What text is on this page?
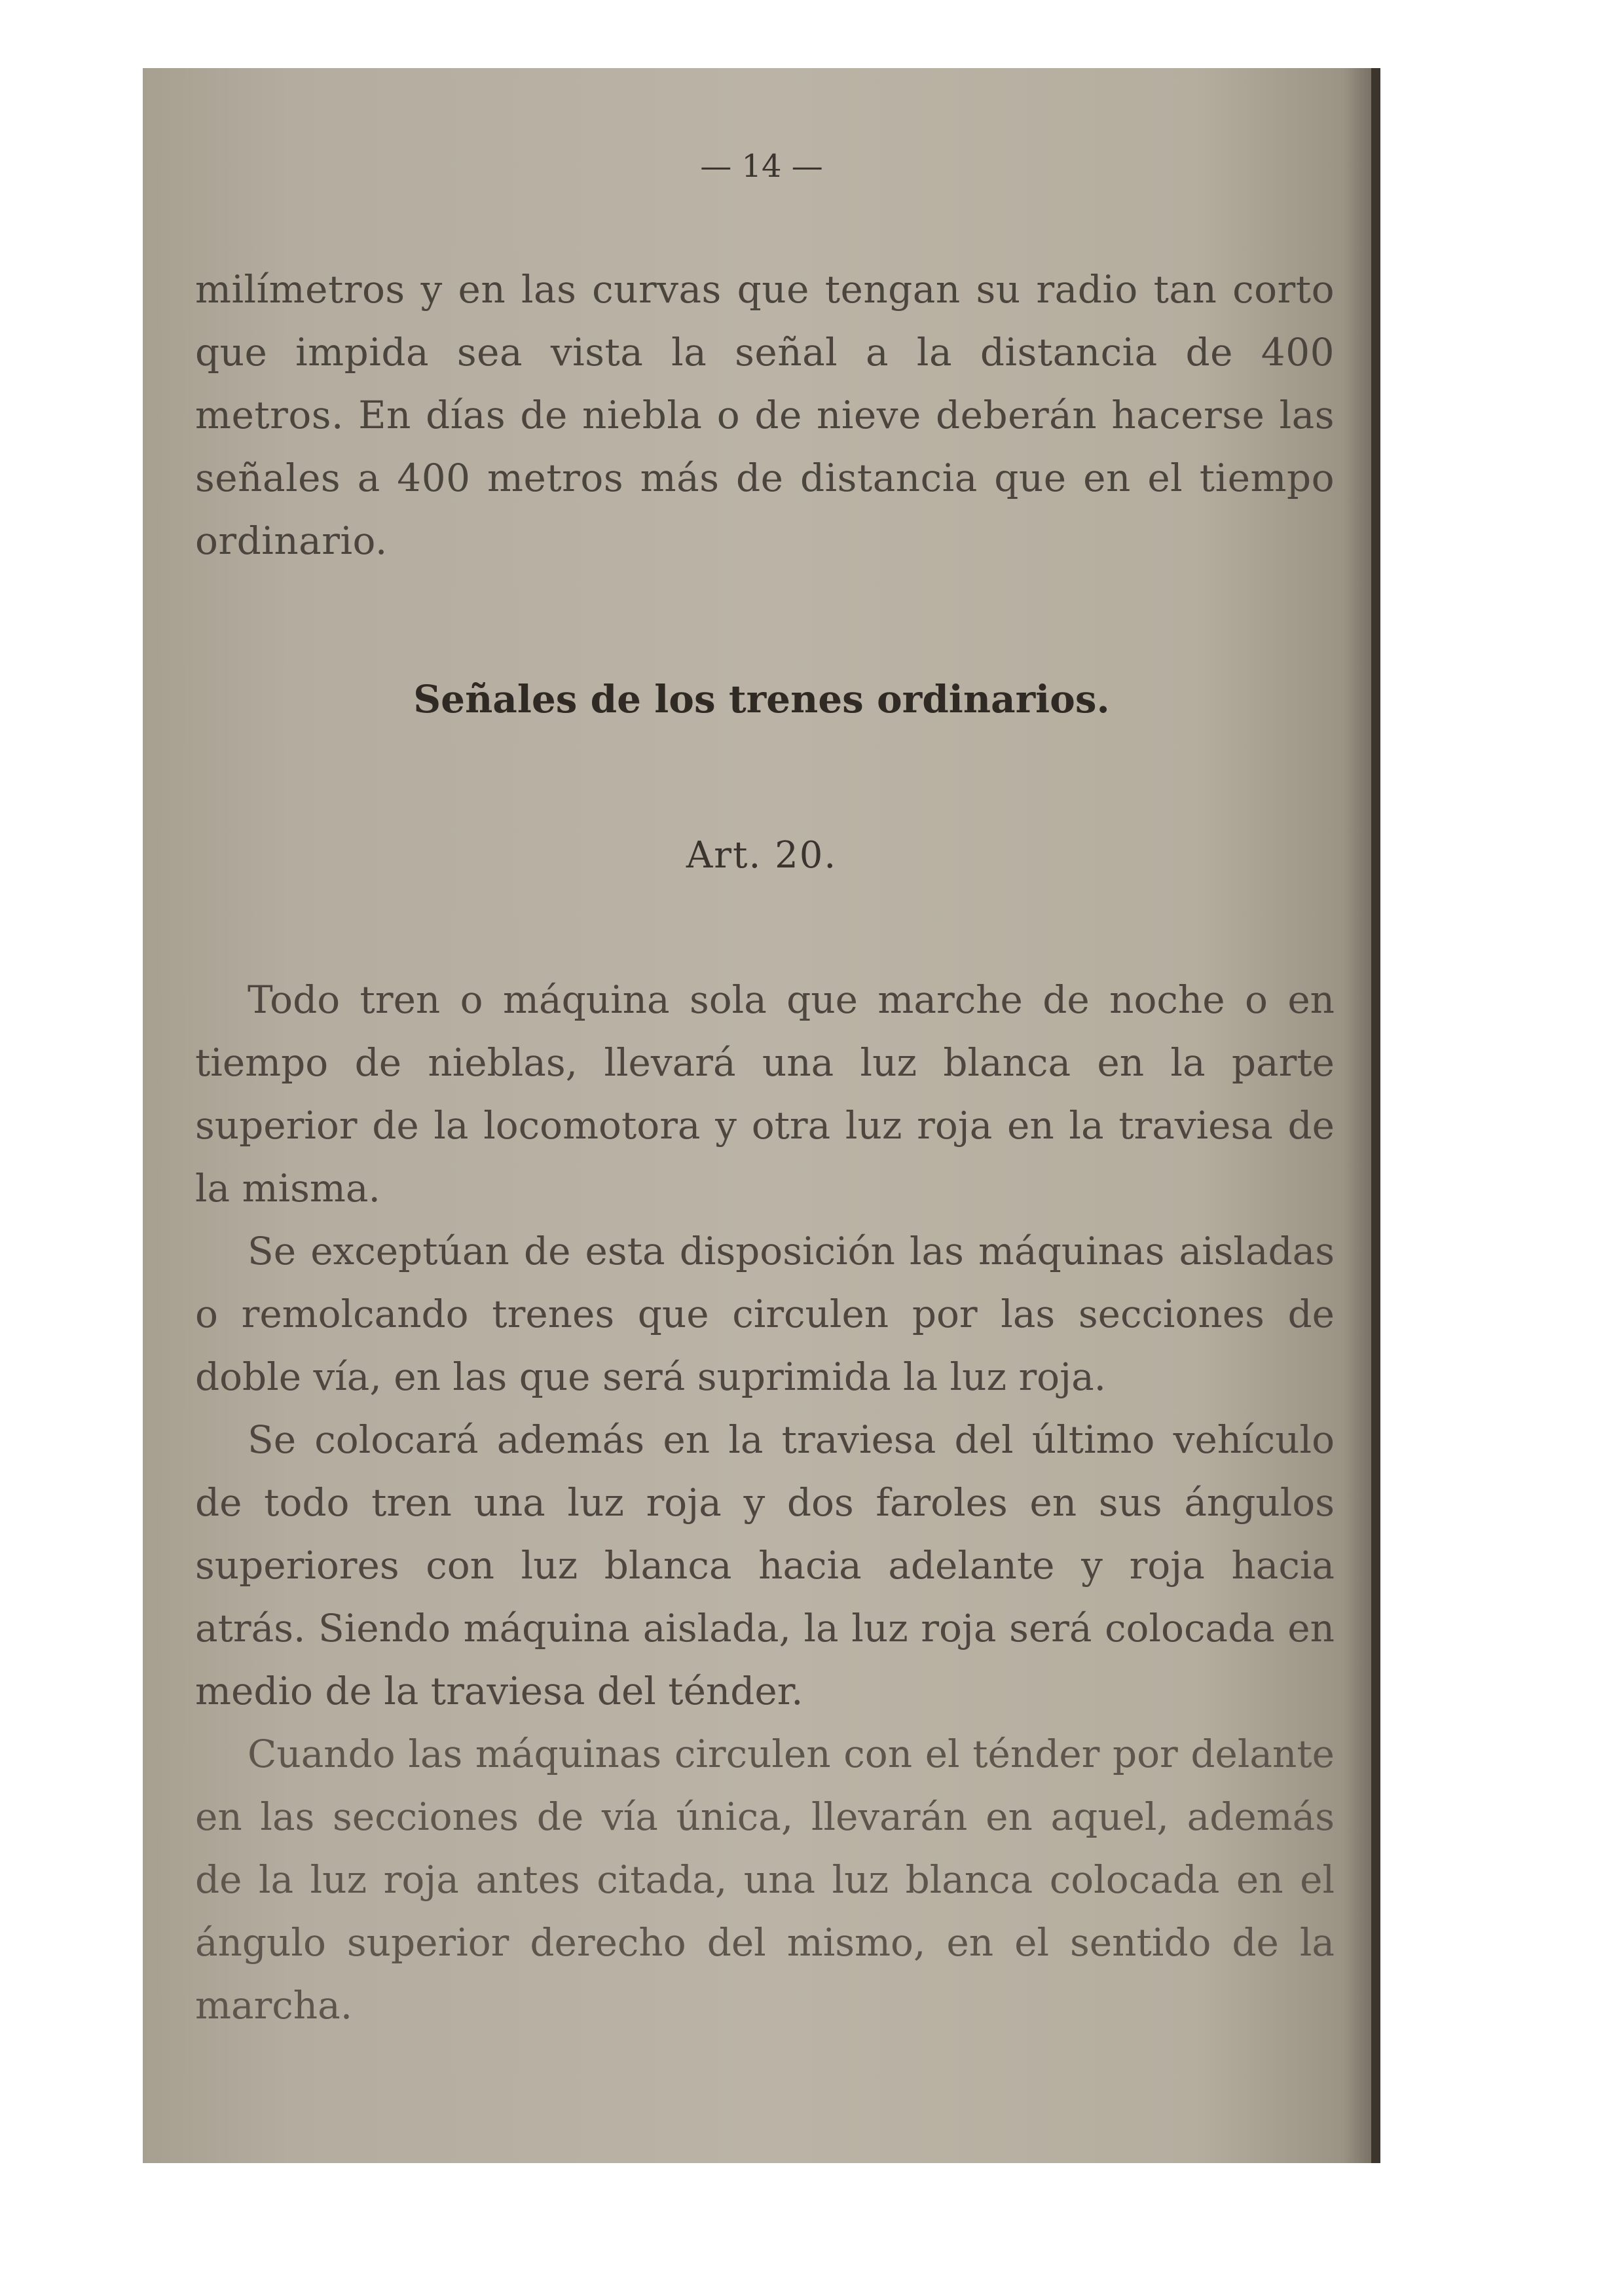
— 14 —
milímetros y en las curvas que tengan su radio tan corto que impida sea vista la señal a la distancia de 400 metros. En días de niebla o de nieve deberán hacerse las señales a 400 metros más de distancia que en el tiempo ordinario.
Señales de los trenes ordinarios.
Art. 20.

Todo tren o máquina sola que marche de noche o en tiempo de nieblas, llevará una luz blanca en la parte superior de la locomotora y otra luz roja en la traviesa de la misma.

Se exceptúan de esta disposición las máquinas aisladas o remolcando trenes que circulen por las secciones de doble vía, en las que será suprimida la luz roja.

Se colocará además en la traviesa del último vehículo de todo tren una luz roja y dos faroles en sus ángulos superiores con luz blanca hacia adelante y roja hacia atrás. Siendo máquina aislada, la luz roja será colocada en medio de la traviesa del ténder.

Cuando las máquinas circulen con el ténder por delante en las secciones de vía única, llevarán en aquel, además de la luz roja antes citada, una luz blanca colocada en el ángulo superior derecho del mismo, en el sentido de la marcha.
